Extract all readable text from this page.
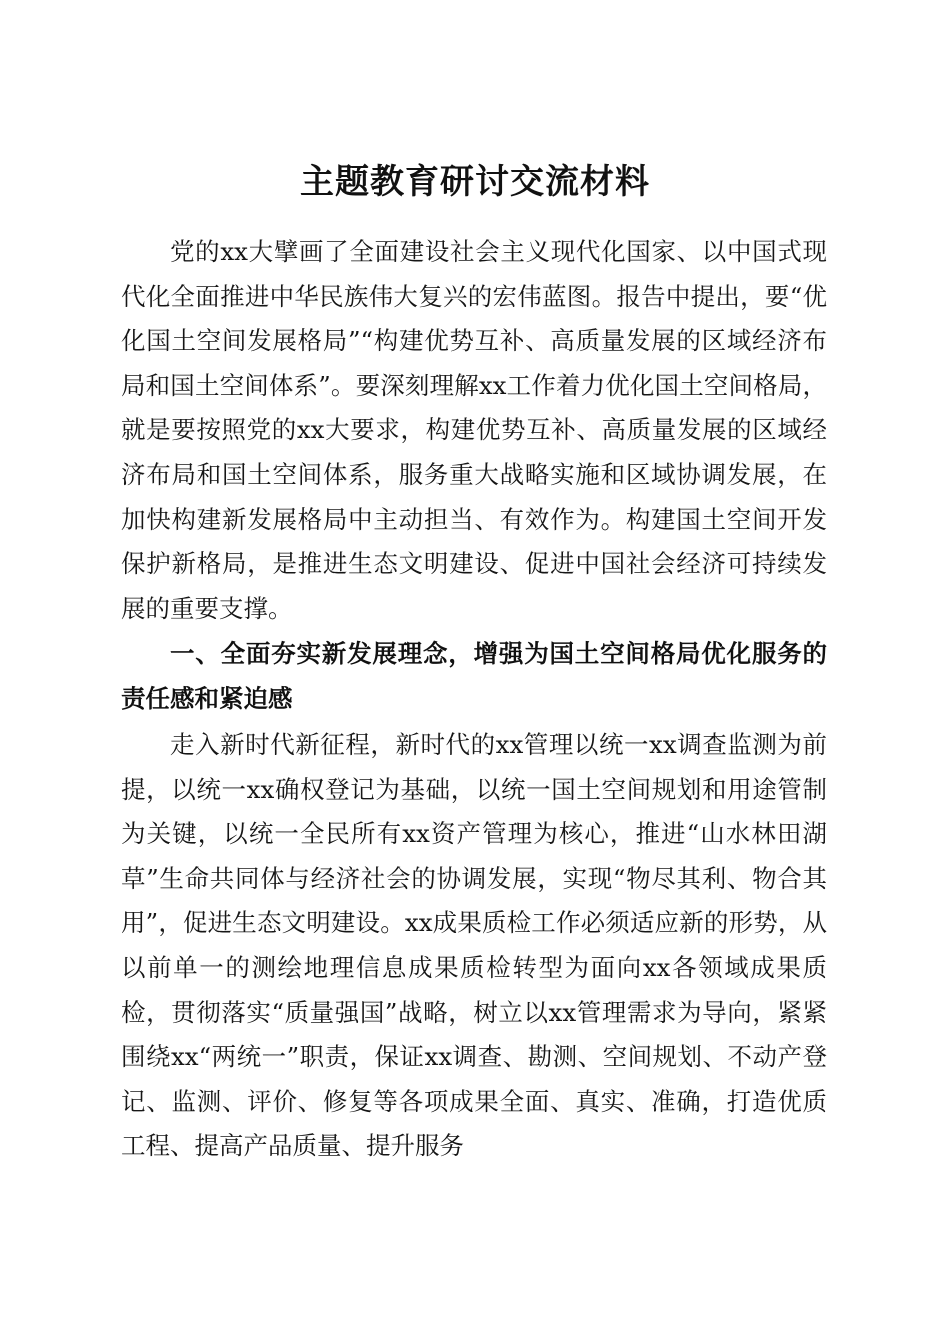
主题教育研讨交流材料

党的xx大擘画了全面建设社会主义现代化国家、以中国式现代化全面推进中华民族伟大复兴的宏伟蓝图。报告中提出，要“优化国土空间发展格局”“构建优势互补、高质量发展的区域经济布局和国土空间体系”。要深刻理解xx工作着力优化国土空间格局，就是要按照党的xx大要求，构建优势互补、高质量发展的区域经济布局和国土空间体系，服务重大战略实施和区域协调发展，在加快构建新发展格局中主动担当、有效作为。构建国土空间开发保护新格局，是推进生态文明建设、促进中国社会经济可持续发展的重要支撑。

一、全面夯实新发展理念，增强为国土空间格局优化服务的责任感和紧迫感

走入新时代新征程，新时代的xx管理以统一xx调查监测为前提，以统一xx确权登记为基础，以统一国土空间规划和用途管制为关键，以统一全民所有xx资产管理为核心，推进“山水林田湖草”生命共同体与经济社会的协调发展，实现“物尽其利、物合其用”，促进生态文明建设。xx成果质检工作必须适应新的形势，从以前单一的测绘地理信息成果质检转型为面向xx各领域成果质检，贯彻落实“质量强国”战略，树立以xx管理需求为导向，紧紧围绕xx“两统一”职责，保证xx调查、勘测、空间规划、不动产登记、监测、评价、修复等各项成果全面、真实、准确，打造优质工程、提高产品质量、提升服务
